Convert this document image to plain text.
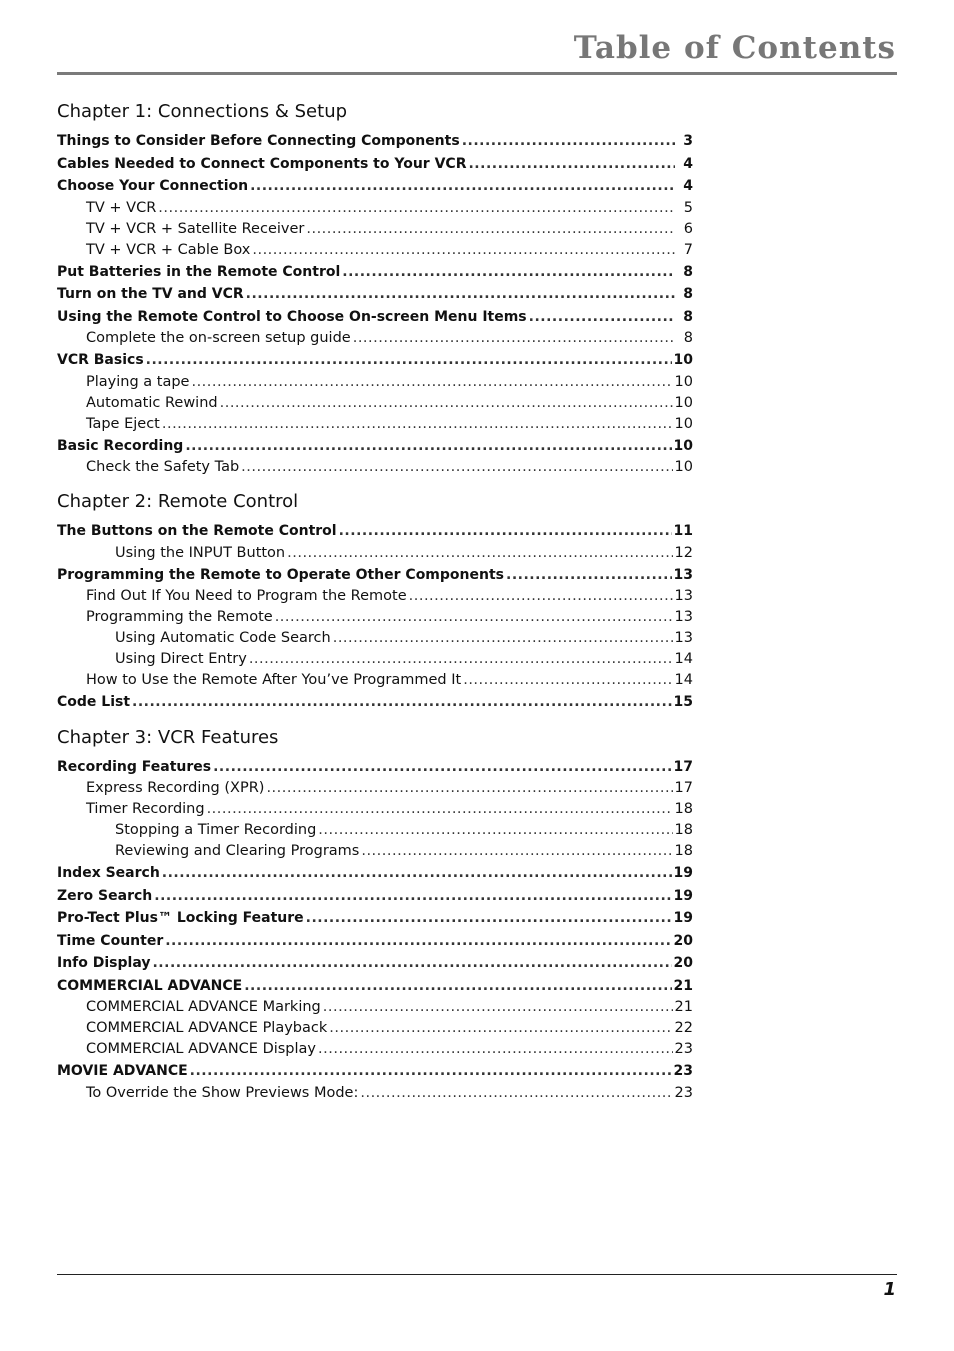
Table of Contents
Chapter 1: Connections & Setup
Things to Consider Before Connecting Components .....	3
Cables Needed to Connect Components to Your VCR .....	4
Choose Your Connection .....	4
TV + VCR .....	5
TV + VCR + Satellite Receiver .....	6
TV + VCR + Cable Box .....	7
Put Batteries in the Remote Control .....	8
Turn on the TV and VCR .....	8
Using the Remote Control to Choose On-screen Menu Items .....	8
Complete the on-screen setup guide .....	8
VCR Basics .....	10
Playing a tape .....	10
Automatic Rewind .....	10
Tape Eject .....	10
Basic Recording .....	10
Check the Safety Tab .....	10
Chapter 2: Remote Control
The Buttons on the Remote Control .....	11
Using the INPUT Button .....	12
Programming the Remote to Operate Other Components .....	13
Find Out If You Need to Program the Remote .....	13
Programming the Remote .....	13
Using Automatic Code Search .....	13
Using Direct Entry .....	14
How to Use the Remote After You’ve Programmed It .....	14
Code List .....	15
Chapter 3: VCR Features
Recording Features .....	17
Express Recording (XPR) .....	17
Timer Recording .....	18
Stopping a Timer Recording .....	18
Reviewing and Clearing Programs .....	18
Index Search .....	19
Zero Search .....	19
Pro-Tect Plus™ Locking Feature .....	19
Time Counter .....	20
Info Display .....	20
COMMERCIAL ADVANCE .....	21
COMMERCIAL ADVANCE Marking .....	21
COMMERCIAL ADVANCE Playback .....	22
COMMERCIAL ADVANCE Display .....	23
MOVIE ADVANCE .....	23
To Override the Show Previews Mode: .....	23
1
